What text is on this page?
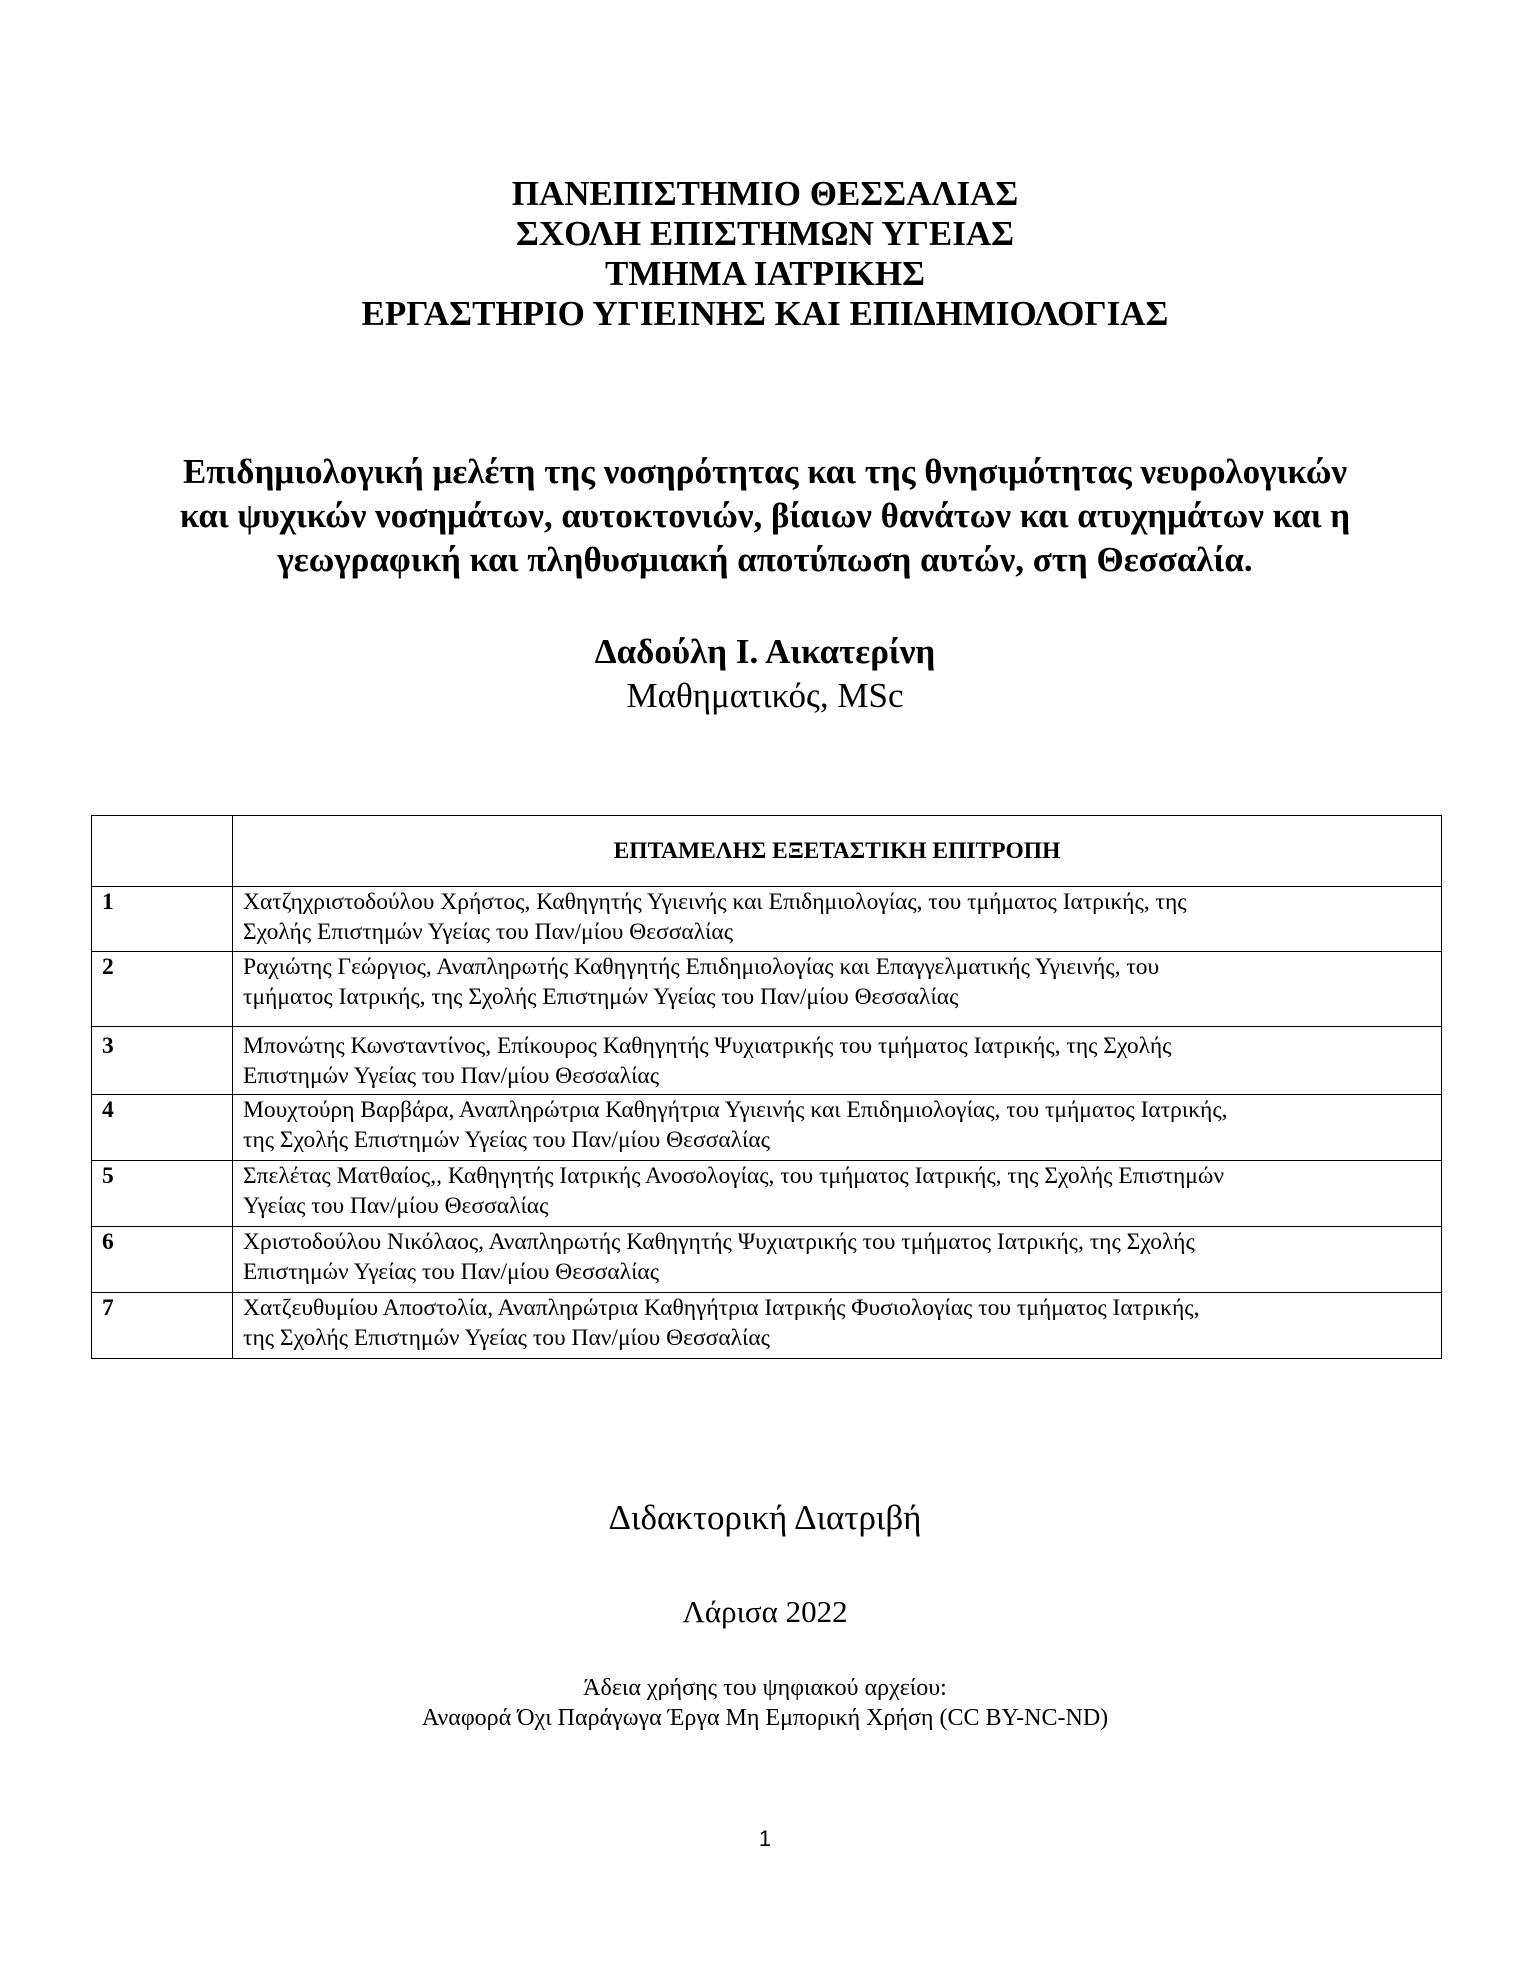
ΠΑΝΕΠΙΣΤΗΜΙΟ ΘΕΣΣΑΛΙΑΣ
ΣΧΟΛΗ ΕΠΙΣΤΗΜΩΝ ΥΓΕΙΑΣ
ΤΜΗΜΑ ΙΑΤΡΙΚΗΣ
ΕΡΓΑΣΤΗΡΙΟ ΥΓΙΕΙΝΗΣ ΚΑΙ ΕΠΙΔΗΜΙΟΛΟΓΙΑΣ
Επιδημιολογική μελέτη της νοσηρότητας και της θνησιμότητας νευρολογικών
και ψυχικών νοσημάτων, αυτοκτονιών, βίαιων θανάτων και ατυχημάτων και η
γεωγραφική και πληθυσμιακή αποτύπωση αυτών, στη Θεσσαλία.
Δαδούλη Ι. Αικατερίνη
Μαθηματικός, MSc
	ΕΠΤΑΜΕΛΗΣ ΕΞΕΤΑΣΤΙΚΗ ΕΠΙΤΡΟΠΗ
1	Χατζηχριστοδούλου Χρήστος, Καθηγητής Υγιεινής και Επιδημιολογίας, του τμήματος Ιατρικής, της
Σχολής Επιστημών Υγείας του Παν/μίου Θεσσαλίας

2	Ραχιώτης Γεώργιος, Αναπληρωτής Καθηγητής Επιδημιολογίας και Επαγγελματικής Υγιεινής, του
τμήματος Ιατρικής, της Σχολής Επιστημών Υγείας του Παν/μίου Θεσσαλίας

3	Μπονώτης Κωνσταντίνος, Επίκουρος Καθηγητής Ψυχιατρικής του τμήματος Ιατρικής, της Σχολής
Επιστημών Υγείας του Παν/μίου Θεσσαλίας

4	Μουχτούρη Βαρβάρα, Αναπληρώτρια Καθηγήτρια Υγιεινής και Επιδημιολογίας, του τμήματος Ιατρικής,
της Σχολής Επιστημών Υγείας του Παν/μίου Θεσσαλίας

5	Σπελέτας Ματθαίος,, Καθηγητής Ιατρικής Ανοσολογίας, του τμήματος Ιατρικής, της Σχολής Επιστημών
Υγείας του Παν/μίου Θεσσαλίας

6	Χριστοδούλου Νικόλαος, Αναπληρωτής Καθηγητής Ψυχιατρικής του τμήματος Ιατρικής, της Σχολής
Επιστημών Υγείας του Παν/μίου Θεσσαλίας

7	Χατζευθυμίου Αποστολία, Αναπληρώτρια Καθηγήτρια Ιατρικής Φυσιολογίας του τμήματος Ιατρικής,
της Σχολής Επιστημών Υγείας του Παν/μίου Θεσσαλίας
Διδακτορική Διατριβή
Λάρισα 2022
Άδεια χρήσης του ψηφιακού αρχείου:
Αναφορά Όχι Παράγωγα Έργα Μη Εμπορική Χρήση (CC BY-NC-ND)
1
